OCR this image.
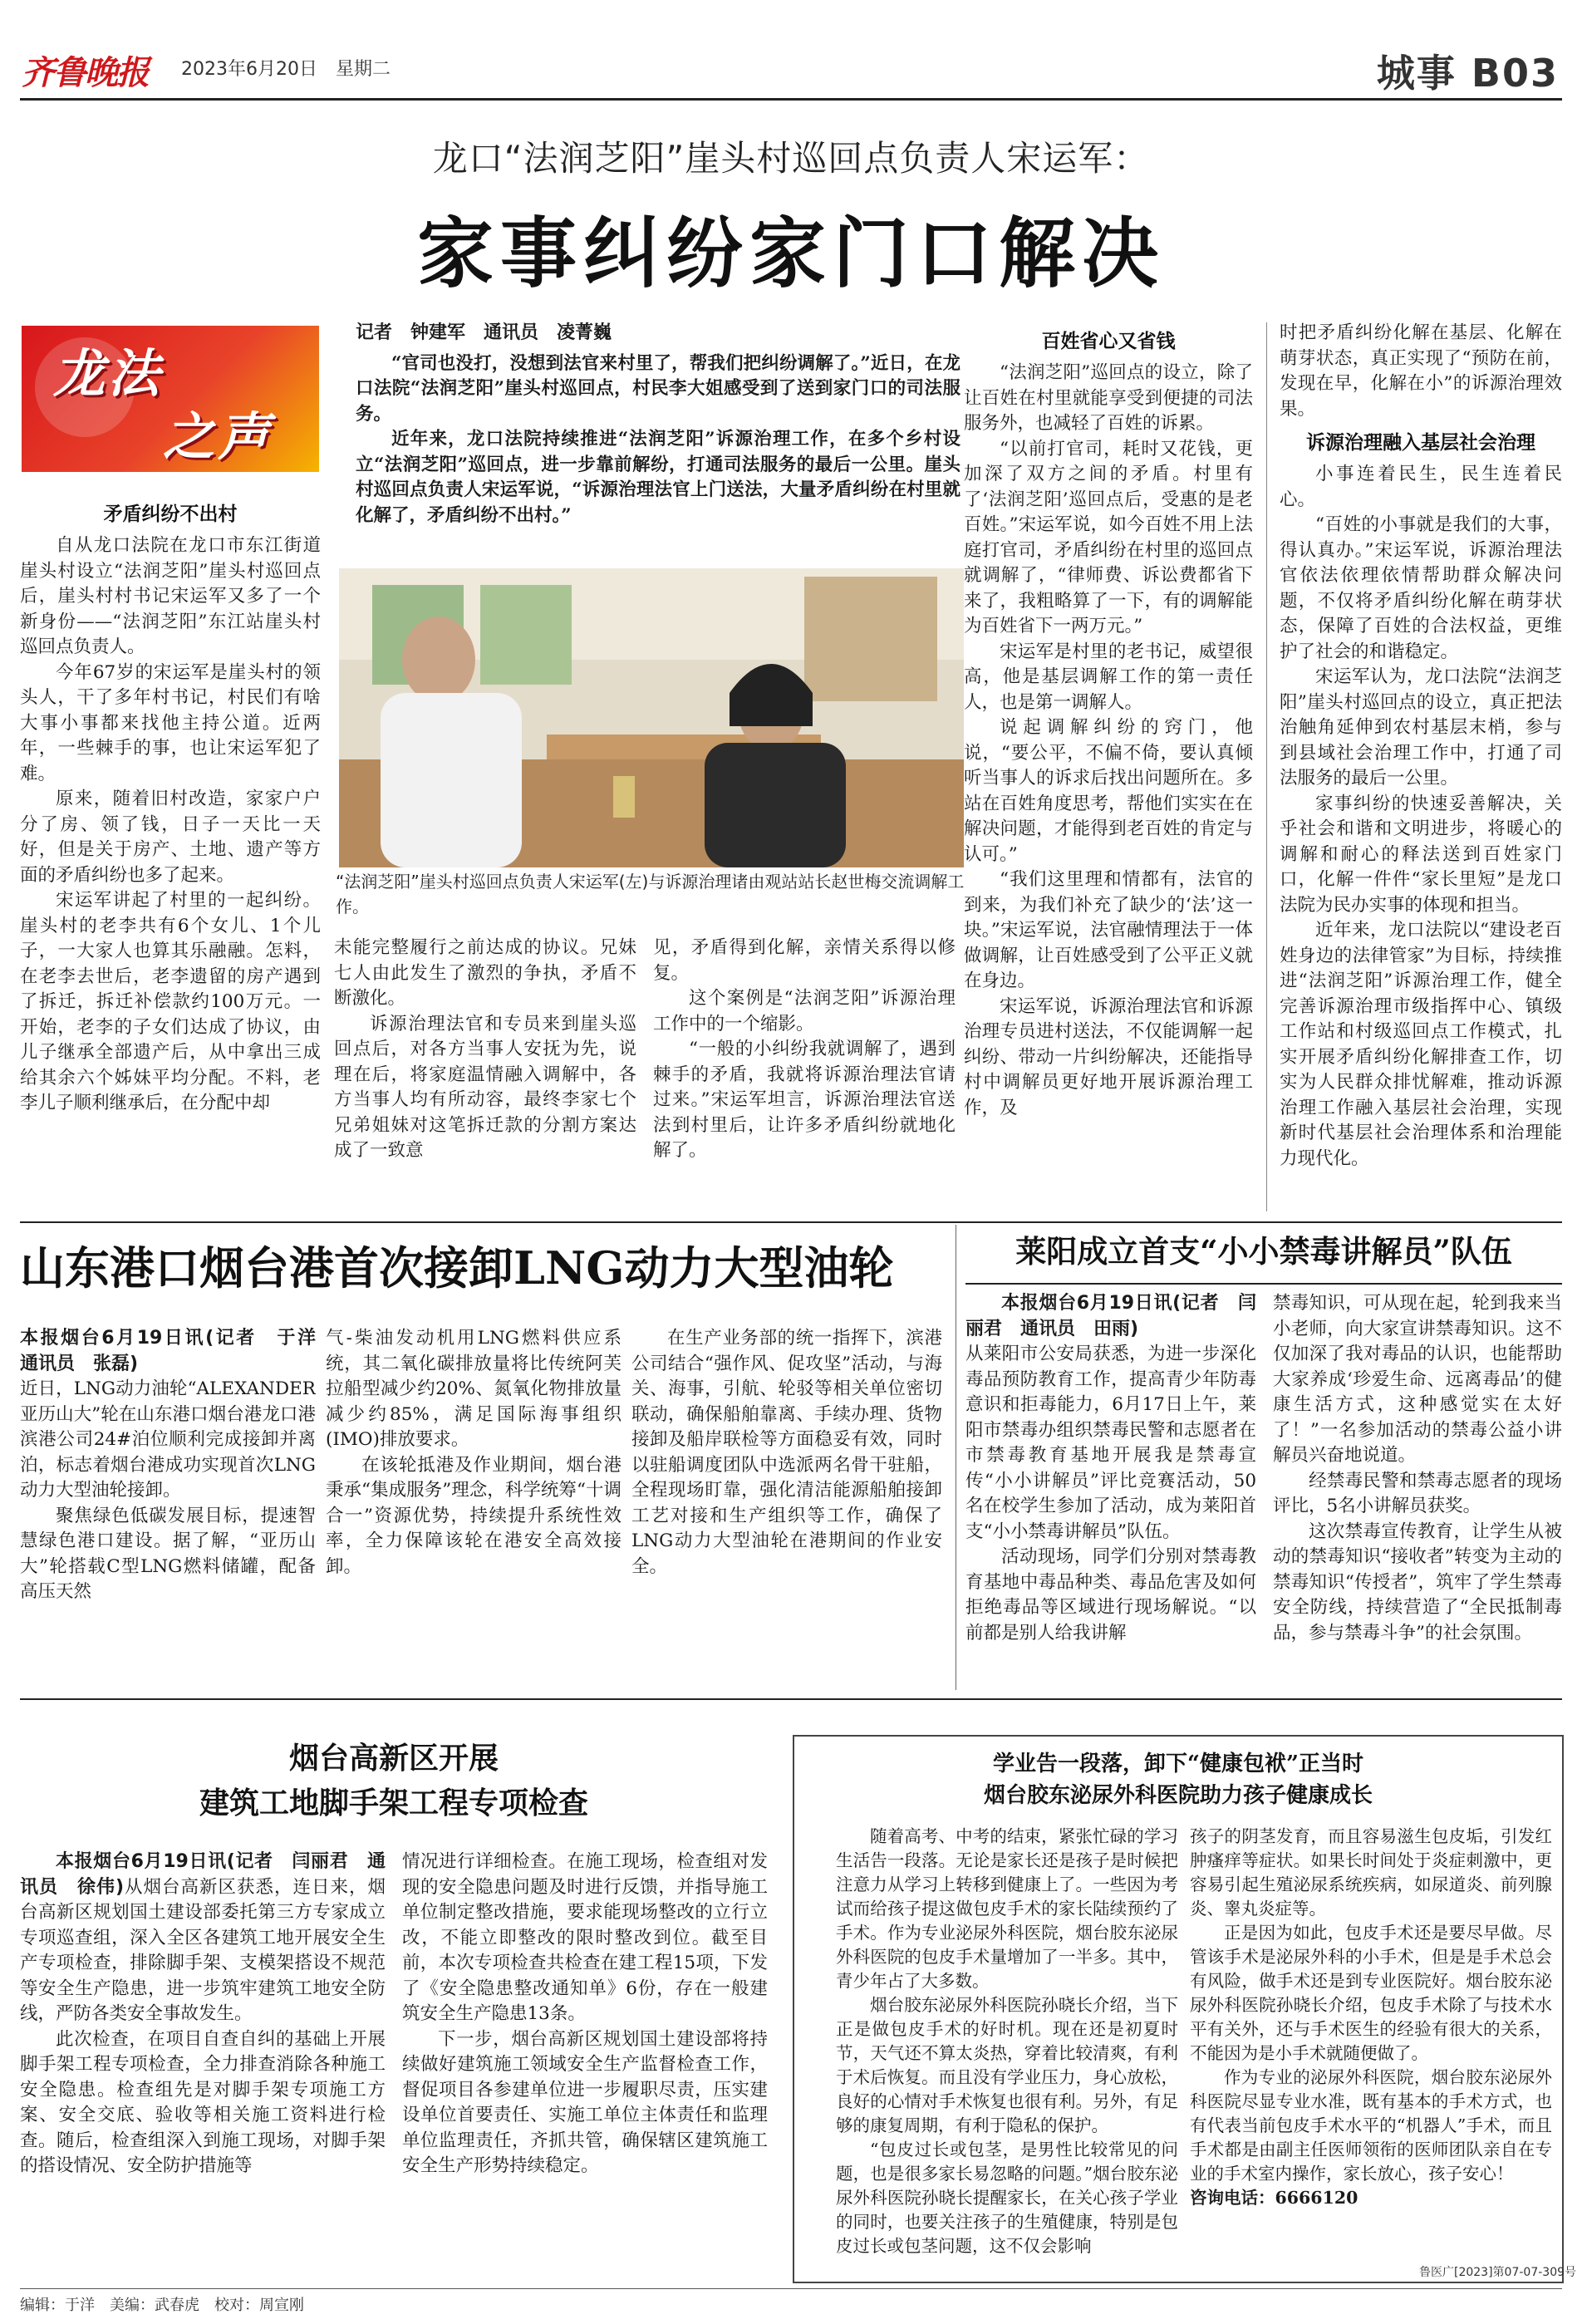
齐鲁晚报 2023年6月20日　 星期二	城事 B03
龙口“法润芝阳”崖头村巡回点负责人宋运军：
家事纠纷家门口解决
龙法
之声
矛盾纠纷不出村

自从龙口法院在龙口市东江街道崖头村设立“法润芝阳”崖头村巡回点后，崖头村村书记宋运军又多了一个新身份——“法润芝阳”东江站崖头村巡回点负责人。

今年67岁的宋运军是崖头村的领头人，干了多年村书记，村民们有啥大事小事都来找他主持公道。近两年，一些棘手的事，也让宋运军犯了难。

原来，随着旧村改造，家家户户分了房、领了钱，日子一天比一天好，但是关于房产、土地、遗产等方面的矛盾纠纷也多了起来。

宋运军讲起了村里的一起纠纷。崖头村的老李共有6个女儿、1个儿子，一大家人也算其乐融融。怎料，在老李去世后，老李遗留的房产遇到了拆迁，拆迁补偿款约100万元。一开始，老李的子女们达成了协议，由儿子继承全部遗产后，从中拿出三成给其余六个姊妹平均分配。不料，老李儿子顺利继承后，在分配中却

记者　钟建军　通讯员　凌菁巍

“官司也没打，没想到法官来村里了，帮我们把纠纷调解了。”近日，在龙口法院“法润芝阳”崖头村巡回点，村民李大姐感受到了送到家门口的司法服务。

近年来，龙口法院持续推进“法润芝阳”诉源治理工作，在多个乡村设立“法润芝阳”巡回点，进一步靠前解纷，打通司法服务的最后一公里。崖头村巡回点负责人宋运军说，“诉源治理法官上门送法，大量矛盾纠纷在村里就化解了，矛盾纠纷不出村。”

“法润芝阳”崖头村巡回点负责人宋运军(左)与诉源治理诸由观站站长赵世梅交流调解工作。

未能完整履行之前达成的协议。兄妹七人由此发生了激烈的争执，矛盾不断激化。

诉源治理法官和专员来到崖头巡回点后，对各方当事人安抚为先，说理在后，将家庭温情融入调解中，各方当事人均有所动容，最终李家七个兄弟姐妹对这笔拆迁款的分割方案达成了一致意

见，矛盾得到化解，亲情关系得以修复。

这个案例是“法润芝阳”诉源治理工作中的一个缩影。

“一般的小纠纷我就调解了，遇到棘手的矛盾，我就将诉源治理法官请过来。”宋运军坦言，诉源治理法官送法到村里后，让许多矛盾纠纷就地化解了。

百姓省心又省钱

“法润芝阳”巡回点的设立，除了让百姓在村里就能享受到便捷的司法服务外，也减轻了百姓的诉累。

“以前打官司，耗时又花钱，更加深了双方之间的矛盾。村里有了‘法润芝阳’巡回点后，受惠的是老百姓。”宋运军说，如今百姓不用上法庭打官司，矛盾纠纷在村里的巡回点就调解了，“律师费、诉讼费都省下来了，我粗略算了一下，有的调解能为百姓省下一两万元。”

宋运军是村里的老书记，威望很高，他是基层调解工作的第一责任人，也是第一调解人。

说起调解纠纷的窍门，他说，“要公平，不偏不倚，要认真倾听当事人的诉求后找出问题所在。多站在百姓角度思考，帮他们实实在在解决问题，才能得到老百姓的肯定与认可。”

“我们这里理和情都有，法官的到来，为我们补充了缺少的‘法’这一块。”宋运军说，法官融情理法于一体做调解，让百姓感受到了公平正义就在身边。

宋运军说，诉源治理法官和诉源治理专员进村送法，不仅能调解一起纠纷、带动一片纠纷解决，还能指导村中调解员更好地开展诉源治理工作，及

时把矛盾纠纷化解在基层、化解在萌芽状态，真正实现了“预防在前，发现在早，化解在小”的诉源治理效果。

诉源治理融入基层社会治理

小事连着民生，民生连着民心。

“百姓的小事就是我们的大事，得认真办。”宋运军说，诉源治理法官依法依理依情帮助群众解决问题，不仅将矛盾纠纷化解在萌芽状态，保障了百姓的合法权益，更维护了社会的和谐稳定。

宋运军认为，龙口法院“法润芝阳”崖头村巡回点的设立，真正把法治触角延伸到农村基层末梢，参与到县域社会治理工作中，打通了司法服务的最后一公里。

家事纠纷的快速妥善解决，关乎社会和谐和文明进步，将暖心的调解和耐心的释法送到百姓家门口，化解一件件“家长里短”是龙口法院为民办实事的体现和担当。

近年来，龙口法院以“建设老百姓身边的法律管家”为目标，持续推进“法润芝阳”诉源治理工作，健全完善诉源治理市级指挥中心、镇级工作站和村级巡回点工作模式，扎实开展矛盾纠纷化解排查工作，切实为人民群众排忧解难，推动诉源治理工作融入基层社会治理，实现新时代基层社会治理体系和治理能力现代化。

山东港口烟台港首次接卸LNG动力大型油轮

本报烟台6月19日讯(记者　于洋　通讯员　张磊)

近日，LNG动力油轮“ALEXANDER亚历山大”轮在山东港口烟台港龙口港滨港公司24#泊位顺利完成接卸并离泊，标志着烟台港成功实现首次LNG动力大型油轮接卸。

聚焦绿色低碳发展目标，提速智慧绿色港口建设。据了解，“亚历山大”轮搭载C型LNG燃料储罐，配备高压天然

气-柴油发动机用LNG燃料供应系统，其二氧化碳排放量将比传统阿芙拉船型减少约20%、氮氧化物排放量减少约85%，满足国际海事组织(IMO)排放要求。

在该轮抵港及作业期间，烟台港秉承“集成服务”理念，科学统筹“十调合一”资源优势，持续提升系统性效率，全力保障该轮在港安全高效接卸。

在生产业务部的统一指挥下，滨港公司结合“强作风、促攻坚”活动，与海关、海事，引航、轮驳等相关单位密切联动，确保船舶靠离、手续办理、货物接卸及船岸联检等方面稳妥有效，同时以驻船调度团队中选派两名骨干驻船，全程现场盯靠，强化清洁能源船舶接卸工艺对接和生产组织等工作，确保了LNG动力大型油轮在港期间的作业安全。

莱阳成立首支“小小禁毒讲解员”队伍

本报烟台6月19日讯(记者　闫丽君　通讯员　田雨)

从莱阳市公安局获悉，为进一步深化毒品预防教育工作，提高青少年防毒意识和拒毒能力，6月17日上午，莱阳市禁毒办组织禁毒民警和志愿者在市禁毒教育基地开展我是禁毒宣传“小小讲解员”评比竞赛活动，50名在校学生参加了活动，成为莱阳首支“小小禁毒讲解员”队伍。

活动现场，同学们分别对禁毒教育基地中毒品种类、毒品危害及如何拒绝毒品等区域进行现场解说。“以前都是别人给我讲解

禁毒知识，可从现在起，轮到我来当小老师，向大家宣讲禁毒知识。这不仅加深了我对毒品的认识，也能帮助大家养成‘珍爱生命、远离毒品’的健康生活方式，这种感觉实在太好了！”一名参加活动的禁毒公益小讲解员兴奋地说道。

经禁毒民警和禁毒志愿者的现场评比，5名小讲解员获奖。

这次禁毒宣传教育，让学生从被动的禁毒知识“接收者”转变为主动的禁毒知识“传授者”，筑牢了学生禁毒安全防线，持续营造了“全民抵制毒品，参与禁毒斗争”的社会氛围。

烟台高新区开展
建筑工地脚手架工程专项检查

本报烟台6月19日讯(记者　闫丽君　通讯员　徐伟)从烟台高新区获悉，连日来，烟台高新区规划国土建设部委托第三方专家成立专项巡查组，深入全区各建筑工地开展安全生产专项检查，排除脚手架、支模架搭设不规范等安全生产隐患，进一步筑牢建筑工地安全防线，严防各类安全事故发生。

此次检查，在项目自查自纠的基础上开展脚手架工程专项检查，全力排查消除各种施工安全隐患。检查组先是对脚手架专项施工方案、安全交底、验收等相关施工资料进行检查。随后，检查组深入到施工现场，对脚手架的搭设情况、安全防护措施等

情况进行详细检查。在施工现场，检查组对发现的安全隐患问题及时进行反馈，并指导施工单位制定整改措施，要求能现场整改的立行立改，不能立即整改的限时整改到位。截至目前，本次专项检查共检查在建工程15项，下发了《安全隐患整改通知单》6份，存在一般建筑安全生产隐患13条。

下一步，烟台高新区规划国土建设部将持续做好建筑施工领域安全生产监督检查工作，督促项目各参建单位进一步履职尽责，压实建设单位首要责任、实施工单位主体责任和监理单位监理责任，齐抓共管，确保辖区建筑施工安全生产形势持续稳定。

学业告一段落，卸下“健康包袱”正当时
烟台胶东泌尿外科医院助力孩子健康成长

随着高考、中考的结束，紧张忙碌的学习生活告一段落。无论是家长还是孩子是时候把注意力从学习上转移到健康上了。一些因为考试而给孩子提这做包皮手术的家长陆续预约了手术。作为专业泌尿外科医院，烟台胶东泌尿外科医院的包皮手术量增加了一半多。其中，青少年占了大多数。

烟台胶东泌尿外科医院孙晓长介绍，当下正是做包皮手术的好时机。现在还是初夏时节，天气还不算太炎热，穿着比较清爽，有利于术后恢复。而且没有学业压力，身心放松，良好的心情对手术恢复也很有利。另外，有足够的康复周期，有利于隐私的保护。

“包皮过长或包茎，是男性比较常见的问题，也是很多家长易忽略的问题。”烟台胶东泌尿外科医院孙晓长提醒家长，在关心孩子学业的同时，也要关注孩子的生殖健康，特别是包皮过长或包茎问题，这不仅会影响

孩子的阴茎发育，而且容易滋生包皮垢，引发红肿瘙痒等症状。如果长时间处于炎症刺激中，更容易引起生殖泌尿系统疾病，如尿道炎、前列腺炎、睾丸炎症等。

正是因为如此，包皮手术还是要尽早做。尽管该手术是泌尿外科的小手术，但是是手术总会有风险，做手术还是到专业医院好。烟台胶东泌尿外科医院孙晓长介绍，包皮手术除了与技术水平有关外，还与手术医生的经验有很大的关系，不能因为是小手术就随便做了。

作为专业的泌尿外科医院，烟台胶东泌尿外科医院尽显专业水准，既有基本的手术方式，也有代表当前包皮手术水平的“机器人”手术，而且手术都是由副主任医师领衔的医师团队亲自在专业的手术室内操作，家长放心，孩子安心！

咨询电话：6666120

鲁医广[2023]第07-07-309号
编辑：于洋　美编：武春虎　校对：周宣刚
